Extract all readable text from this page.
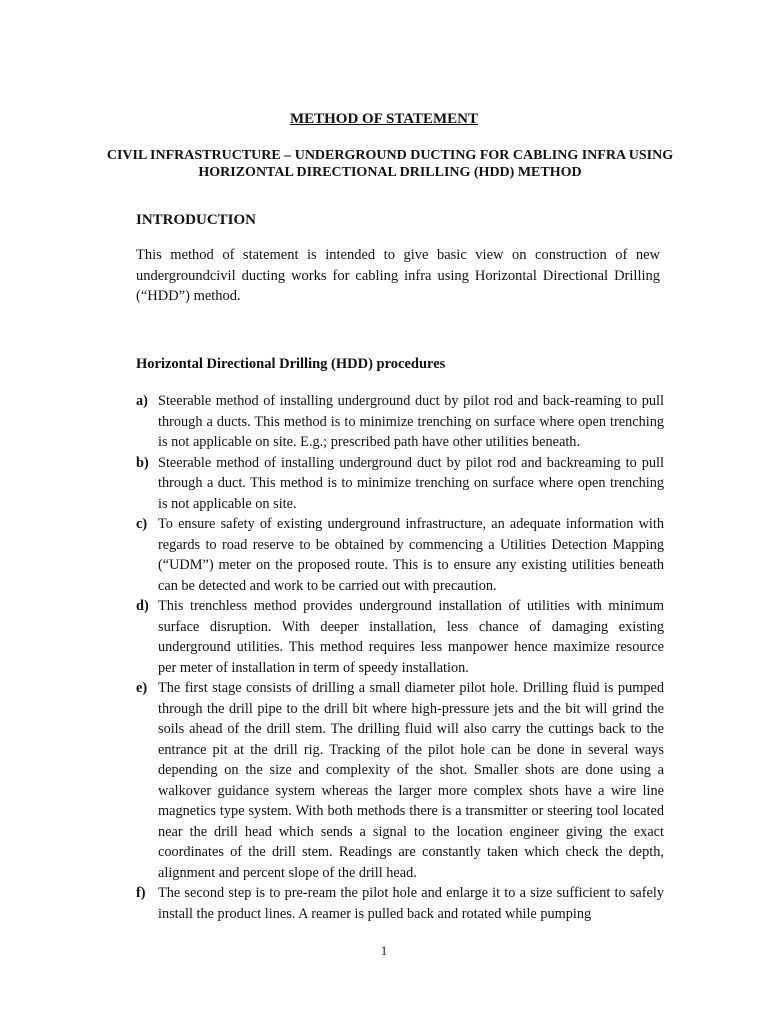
METHOD OF STATEMENT
CIVIL INFRASTRUCTURE – UNDERGROUND DUCTING FOR CABLING INFRA USING HORIZONTAL DIRECTIONAL DRILLING (HDD) METHOD
INTRODUCTION
This method of statement is intended to give basic view on construction of new undergroundcivil ducting works for cabling infra using Horizontal Directional Drilling (“HDD”) method.
Horizontal Directional Drilling (HDD) procedures
a) Steerable method of installing underground duct by pilot rod and back-reaming to pull through a ducts. This method is to minimize trenching on surface where open trenching is not applicable on site. E.g.; prescribed path have other utilities beneath.
b) Steerable method of installing underground duct by pilot rod and backreaming to pull through a duct. This method is to minimize trenching on surface where open trenching is not applicable on site.
c) To ensure safety of existing underground infrastructure, an adequate information with regards to road reserve to be obtained by commencing a Utilities Detection Mapping (“UDM”) meter on the proposed route. This is to ensure any existing utilities beneath can be detected and work to be carried out with precaution.
d) This trenchless method provides underground installation of utilities with minimum surface disruption. With deeper installation, less chance of damaging existing underground utilities. This method requires less manpower hence maximize resource per meter of installation in term of speedy installation.
e) The first stage consists of drilling a small diameter pilot hole. Drilling fluid is pumped through the drill pipe to the drill bit where high-pressure jets and the bit will grind the soils ahead of the drill stem. The drilling fluid will also carry the cuttings back to the entrance pit at the drill rig. Tracking of the pilot hole can be done in several ways depending on the size and complexity of the shot. Smaller shots are done using a walkover guidance system whereas the larger more complex shots have a wire line magnetics type system. With both methods there is a transmitter or steering tool located near the drill head which sends a signal to the location engineer giving the exact coordinates of the drill stem. Readings are constantly taken which check the depth, alignment and percent slope of the drill head.
f) The second step is to pre-ream the pilot hole and enlarge it to a size sufficient to safely install the product lines. A reamer is pulled back and rotated while pumping
1
